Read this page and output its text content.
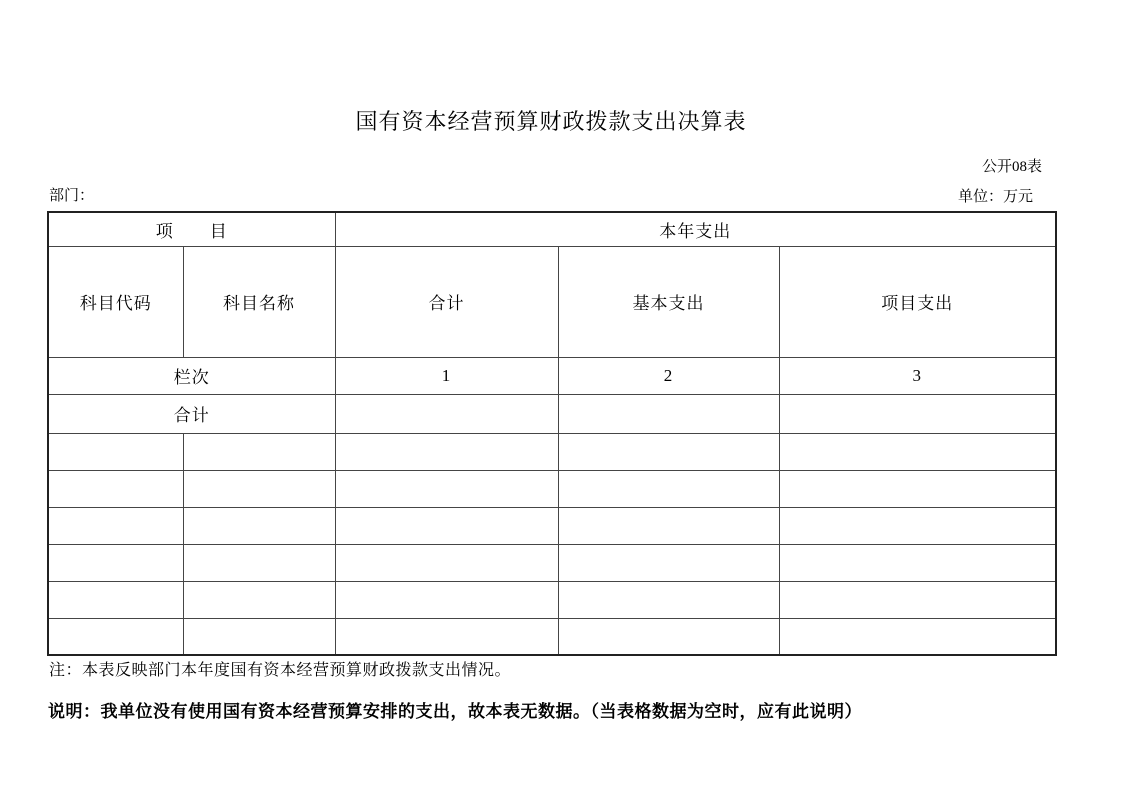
国有资本经营预算财政拨款支出决算表
公开08表
部门：	单位：万元
项　　目		本年支出		
科目代码	科目名称	合计	基本支出	项目支出
栏次		1	2	3
合计				

注：本表反映部门本年度国有资本经营预算财政拨款支出情况。
说明：我单位没有使用国有资本经营预算安排的支出，故本表无数据。（当表格数据为空时，应有此说明）
